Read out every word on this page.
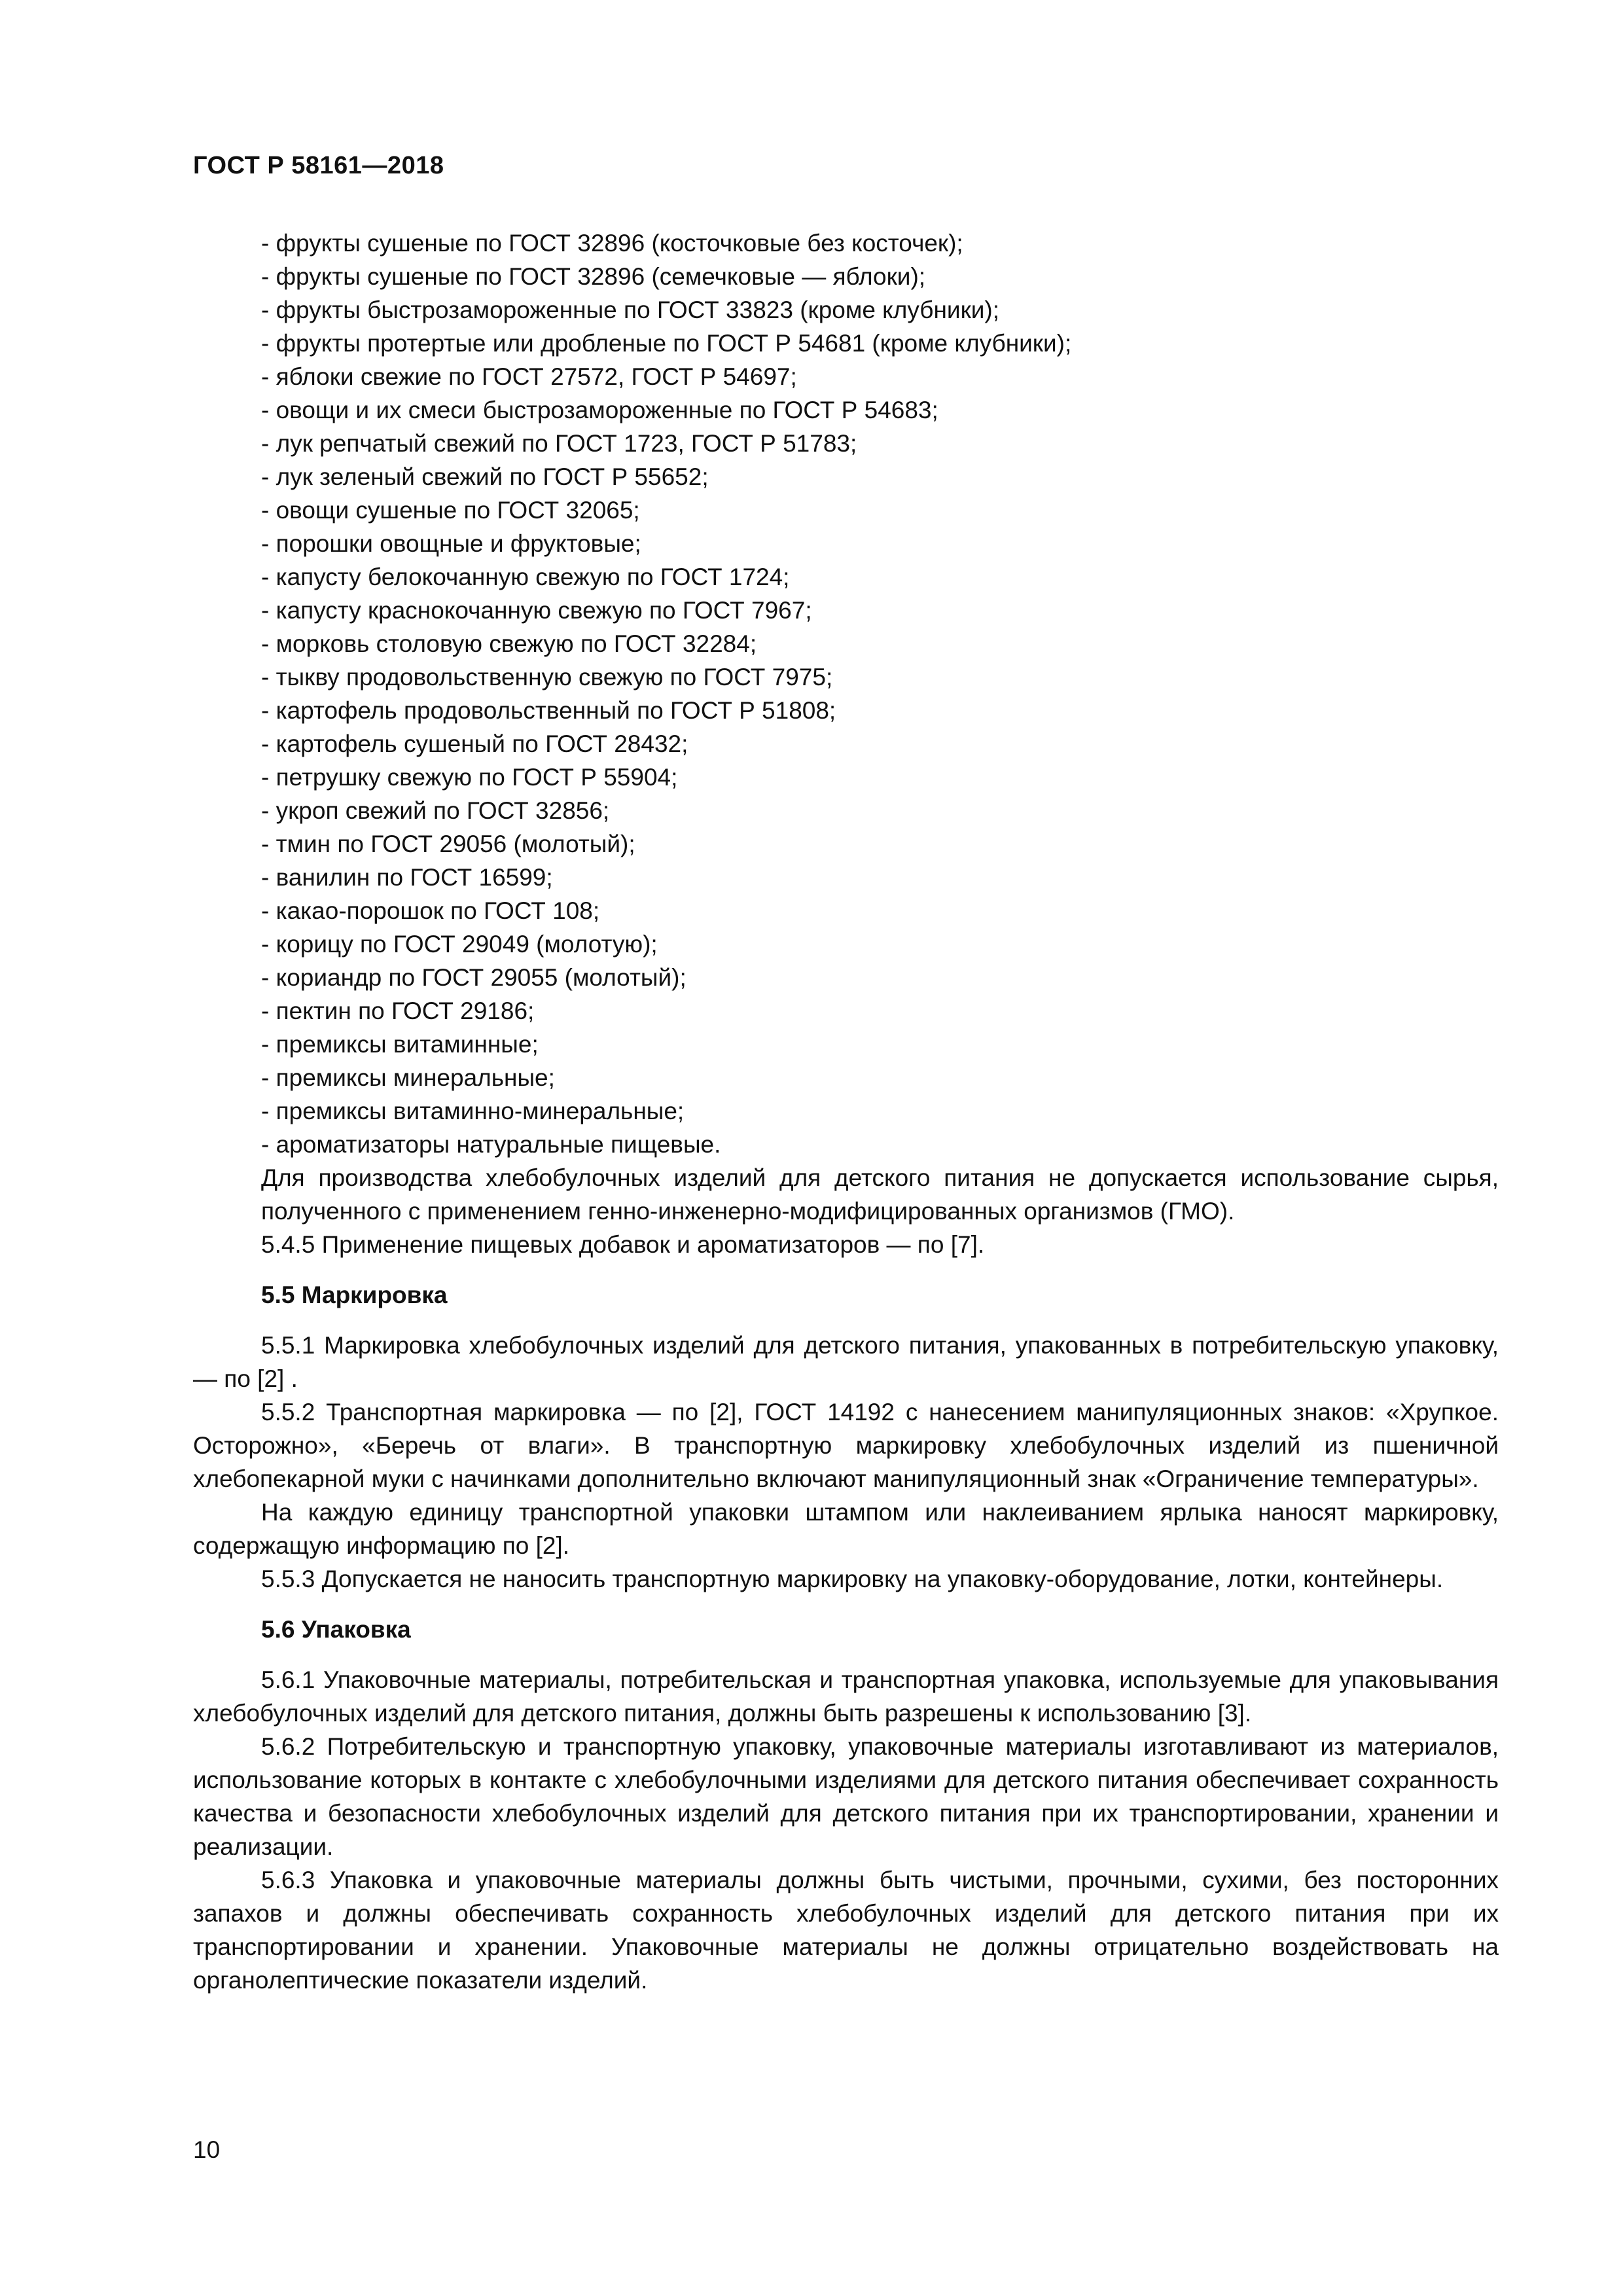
ГОСТ Р 58161—2018
- фрукты сушеные по ГОСТ 32896 (косточковые без косточек);
- фрукты сушеные по ГОСТ 32896 (семечковые — яблоки);
- фрукты быстрозамороженные по ГОСТ 33823 (кроме клубники);
- фрукты протертые или дробленые по ГОСТ Р 54681 (кроме клубники);
- яблоки свежие по ГОСТ 27572, ГОСТ Р 54697;
- овощи и их смеси быстрозамороженные по ГОСТ Р 54683;
- лук репчатый свежий по ГОСТ 1723, ГОСТ Р 51783;
- лук зеленый свежий по ГОСТ Р 55652;
- овощи сушеные по ГОСТ 32065;
- порошки овощные и фруктовые;
- капусту белокочанную свежую по ГОСТ 1724;
- капусту краснокочанную свежую по ГОСТ 7967;
- морковь столовую свежую по ГОСТ 32284;
- тыкву продовольственную свежую по ГОСТ 7975;
- картофель продовольственный по ГОСТ Р 51808;
- картофель сушеный по ГОСТ 28432;
- петрушку свежую по ГОСТ Р 55904;
- укроп свежий по ГОСТ 32856;
- тмин по ГОСТ 29056 (молотый);
- ванилин по ГОСТ 16599;
- какао-порошок по ГОСТ 108;
- корицу по ГОСТ 29049 (молотую);
- кориандр по ГОСТ 29055 (молотый);
- пектин по ГОСТ 29186;
- премиксы витаминные;
- премиксы минеральные;
- премиксы витаминно-минеральные;
- ароматизаторы натуральные пищевые.

Для производства хлебобулочных изделий для детского питания не допускается использование сырья, полученного с применением генно-инженерно-модифицированных организмов (ГМО).

5.4.5 Применение пищевых добавок и ароматизаторов — по [7].

5.5 Маркировка

5.5.1 Маркировка хлебобулочных изделий для детского питания, упакованных в потребительскую упаковку, — по [2] .

5.5.2 Транспортная маркировка — по [2], ГОСТ 14192 с нанесением манипуляционных знаков: «Хрупкое. Осторожно», «Беречь от влаги». В транспортную маркировку хлебобулочных изделий из пшеничной хлебопекарной муки с начинками дополнительно включают манипуляционный знак «Ограничение температуры».

На каждую единицу транспортной упаковки штампом или наклеиванием ярлыка наносят маркировку, содержащую информацию по [2].

5.5.3 Допускается не наносить транспортную маркировку на упаковку-оборудование, лотки, контейнеры.

5.6 Упаковка

5.6.1 Упаковочные материалы, потребительская и транспортная упаковка, используемые для упаковывания хлебобулочных изделий для детского питания, должны быть разрешены к использованию [3].

5.6.2 Потребительскую и транспортную упаковку, упаковочные материалы изготавливают из материалов, использование которых в контакте с хлебобулочными изделиями для детского питания обеспечивает сохранность качества и безопасности хлебобулочных изделий для детского питания при их транспортировании, хранении и реализации.

5.6.3 Упаковка и упаковочные материалы должны быть чистыми, прочными, сухими, без посторонних запахов и должны обеспечивать сохранность хлебобулочных изделий для детского питания при их транспортировании и хранении. Упаковочные материалы не должны отрицательно воздействовать на органолептические показатели изделий.

10
